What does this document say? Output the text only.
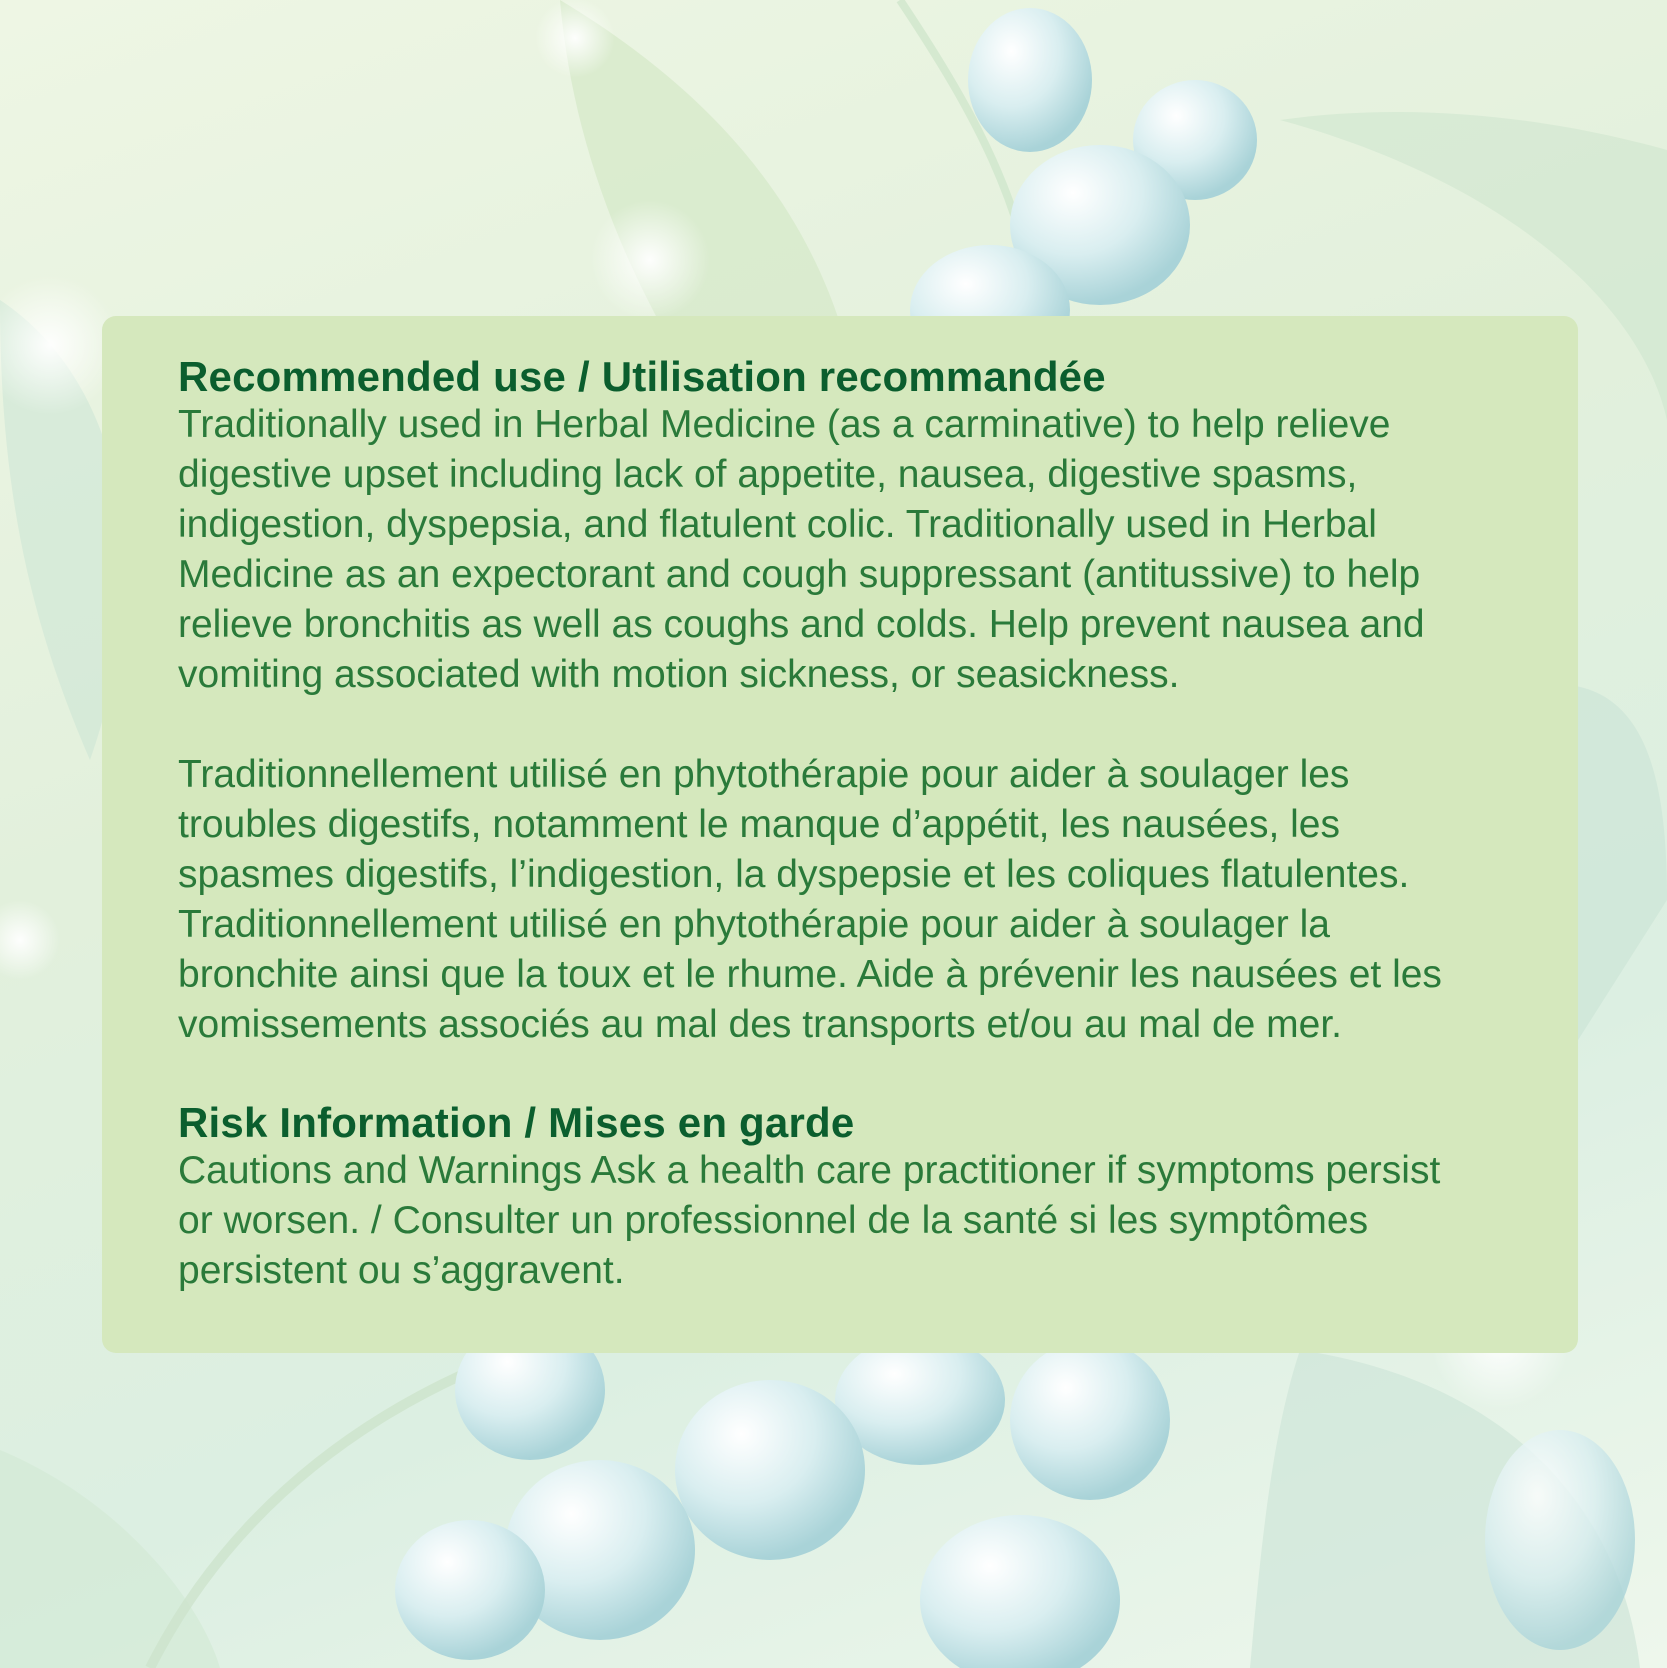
Recommended use / Utilisation recommandée
Traditionally used in Herbal Medicine (as a carminative) to help relieve
digestive upset including lack of appetite, nausea, digestive spasms,
indigestion, dyspepsia, and flatulent colic. Traditionally used in Herbal
Medicine as an expectorant and cough suppressant (antitussive) to help
relieve bronchitis as well as coughs and colds. Help prevent nausea and
vomiting associated with motion sickness, or seasickness.
Traditionnellement utilisé en phytothérapie pour aider à soulager les
troubles digestifs, notamment le manque d’appétit, les nausées, les
spasmes digestifs, l’indigestion, la dyspepsie et les coliques flatulentes.
Traditionnellement utilisé en phytothérapie pour aider à soulager la
bronchite ainsi que la toux et le rhume. Aide à prévenir les nausées et les
vomissements associés au mal des transports et/ou au mal de mer.
Risk Information / Mises en garde
Cautions and Warnings Ask a health care practitioner if symptoms persist
or worsen. / Consulter un professionnel de la santé si les symptômes
persistent ou s’aggravent.
